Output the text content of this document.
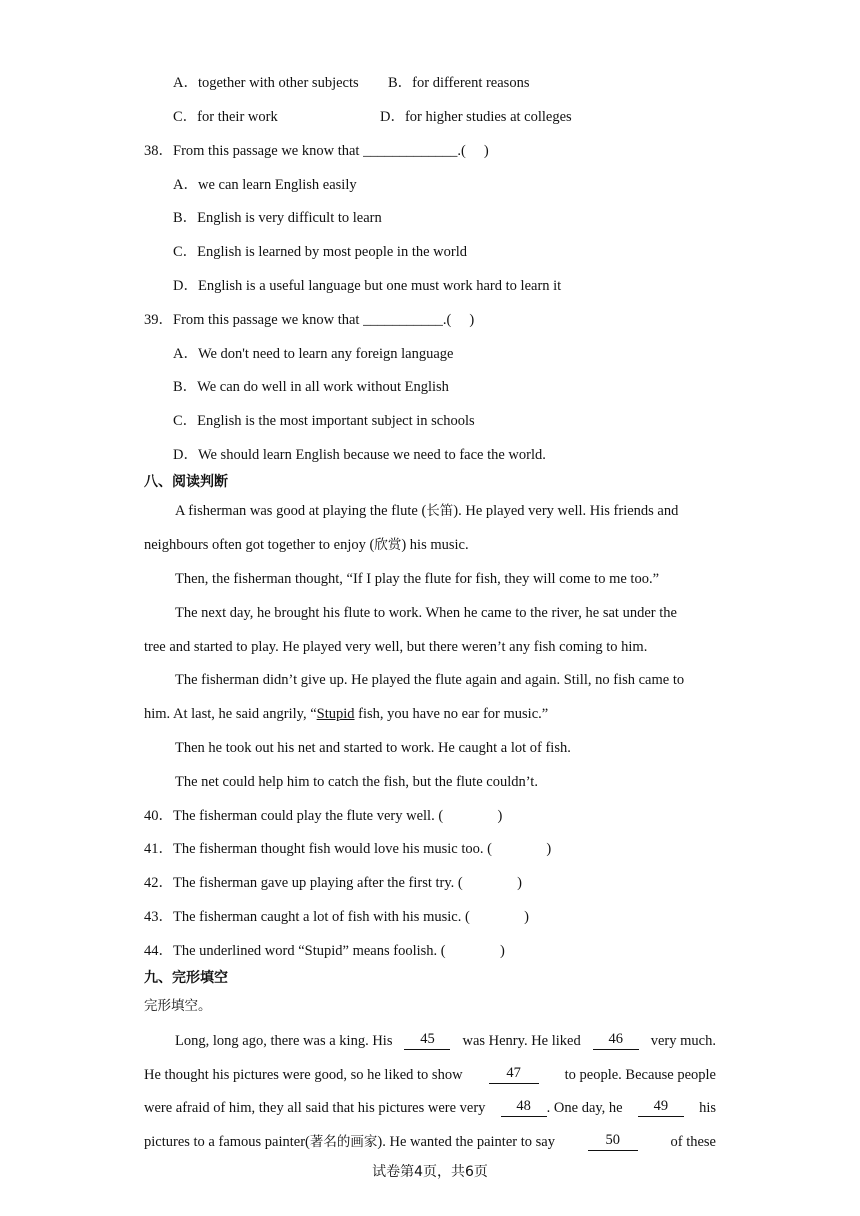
A．together with other subjects B．for different reasons
C．for their work	D．for higher studies at colleges
38．From this passage we know that _____________.(     )
A．we can learn English easily
B．English is very difficult to learn
C．English is learned by most people in the world
D．English is a useful language but one must work hard to learn it
39．From this passage we know that ___________.(     )
A．We don't need to learn any foreign language
B．We can do well in all work without English
C．English is the most important subject in schools
D．We should learn English because we need to face the world.
八、阅读判断
A fisherman was good at playing the flute (长笛). He played very well. His friends and
neighbours often got together to enjoy (欣赏) his music.
Then, the fisherman thought, “If I play the flute for fish, they will come to me too.”
The next day, he brought his flute to work. When he came to the river, he sat under the
tree and started to play. He played very well, but there weren’t any fish coming to him.
The fisherman didn’t give up. He played the flute again and again. Still, no fish came to
him. At last, he said angrily, “Stupid fish, you have no ear for music.”
Then he took out his net and started to work. He caught a lot of fish.
The net could help him to catch the fish, but the flute couldn’t.
40．The fisherman could play the flute very well. (               )
41．The fisherman thought fish would love his music too. (               )
42．The fisherman gave up playing after the first try. (               )
43．The fisherman caught a lot of fish with his music. (               )
44．The underlined word “Stupid” means foolish. (               )
九、完形填空
完形填空。
Long, long ago, there was a king. His	45	was Henry. He liked	46	very much.
He thought his pictures were good, so he liked to show	47	to people. Because people
were afraid of him, they all said that his pictures were very	48	. One day, he	49	his
pictures to a famous painter(著名的画家). He wanted the painter to say	50	of these
试卷第4页，共6页
